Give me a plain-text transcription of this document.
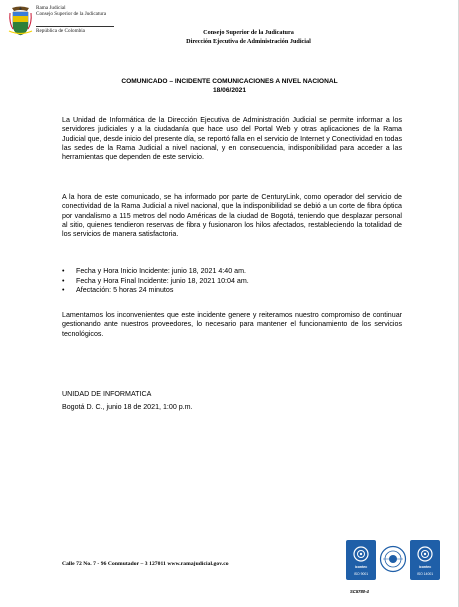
Rama Judicial
Consejo Superior de la Judicatura
República de Colombia	Consejo Superior de la Judicatura
Dirección Ejecutiva de Administración Judicial
COMUNICADO – INCIDENTE COMUNICACIONES A NIVEL NACIONAL
18/06/2021
La Unidad de Informática de la Dirección Ejecutiva de Administración Judicial se permite informar a los servidores judiciales y a la ciudadanía que hace uso del Portal Web y otras aplicaciones de la Rama Judicial que, desde inicio del presente día, se reportó falla en el servicio de Internet y Conectividad en todas las sedes de la Rama Judicial a nivel nacional, y en consecuencia, indisponibilidad para acceder a las herramientas que dependen de este servicio.
A la hora de este comunicado, se ha informado por parte de CenturyLink, como operador del servicio de conectividad de la Rama Judicial a nivel nacional, que la indisponibilidad se debió a un corte de fibra óptica por vandalismo a 115 metros del nodo Américas de la ciudad de Bogotá, teniendo que desplazar personal al sitio, quienes tendieron reservas de fibra y fusionaron los hilos afectados, restableciendo la totalidad de los servicios de manera satisfactoria.
• Fecha y Hora Inicio Incidente: junio 18, 2021 4:40 am.
• Fecha y Hora Final Incidente: junio 18, 2021 10:04 am.
• Afectación: 5 horas 24 minutos
Lamentamos los inconvenientes que este incidente genere y reiteramos nuestro compromiso de continuar gestionando ante nuestros proveedores, lo necesario para mantener el funcionamiento de los servicios tecnológicos.
UNIDAD DE INFORMATICA
Bogotá D. C., junio 18 de 2021, 1:00 p.m.
Calle 72 No. 7 - 96 Conmutador – 3 127011 www.ramajudicial.gov.co	icontec
ISO 9001
icontec
ISO 14001
SC5780-4
